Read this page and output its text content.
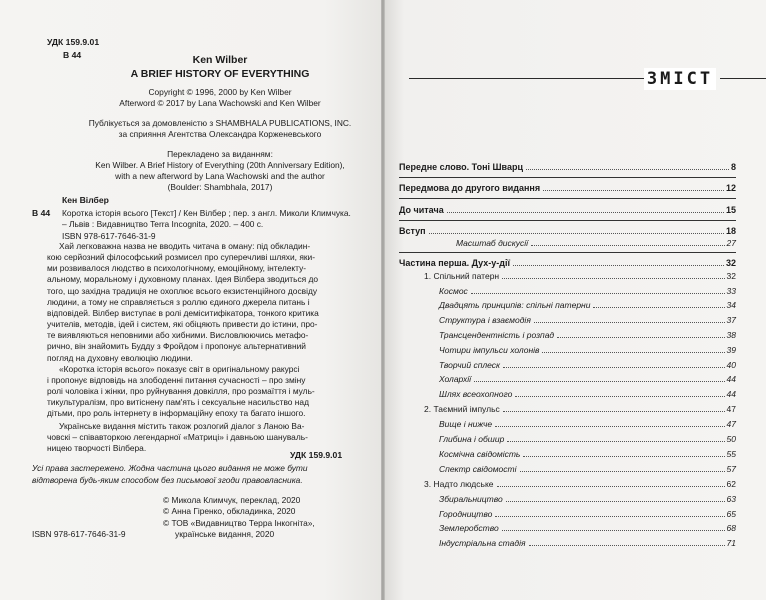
УДК 159.9.01
В 44	Ken Wilber
A BRIEF HISTORY OF EVERYTHING
Copyright © 1996, 2000 by Ken Wilber
Afterword © 2017 by Lana Wachowski and Ken Wilber
Публікується за домовленістю з SHAMBHALA PUBLICATIONS, INC.
за сприяння Агентства Олександра Корженевського
Перекладено за виданням:
Ken Wilber. A Brief History of Everything (20th Anniversary Edition),
with a new afterword by Lana Wachowski and the author
(Boulder: Shambhala, 2017)
Кен Вілбер
В 44 Коротка історія всього [Текст] / Кен Вілбер ; пер. з англ. Миколи Климчука. – Львів : Видавництво Terra Incognita, 2020. – 400 с.
ISBN 978-617-7646-31-9
Хай легковажна назва не вводить читача в оману: під обкладин-
кою серйозний філософський розмисел про суперечливі шляхи, яки-
ми розвивалося людство в психологічному, емоційному, інтелекту-
альному, моральному і духовному планах. Ідея Вілбера зводиться до
того, що західна традиція не охоплює всього екзистенційного досвіду
людини, а тому не справляється з роллю єдиного джерела питань і
відповідей. Вілбер виступає в ролі деміситифікатора, тонкого критика
учителів, методів, ідей і систем, які обіцяють привести до істини, про-
те виявляються неповними або хибними. Висловлюючись метафо-
рично, він знайомить Будду з Фройдом і пропонує альтернативний
погляд на духовну еволюцію людини.
«Коротка історія всього» показує світ в оригінальному ракурсі
і пропонує відповідь на злободенні питання сучасності – про зміну
ролі чоловіка і жінки, про руйнування довкілля, про розмаїття і муль-
тикультуралізм, про витіснену пам'ять і сексуальне насильство над
дітьми, про роль інтернету в інформаційну епоху та багато іншого.
Українське видання містить також розлогий діалог з Ланою Ва-
човскі – співавторкою легендарної «Матриці» і давньою шануваль-
ницею творчості Вілбера.
УДК 159.9.01
Усі права застережено. Жодна частина цього видання не може бути
відтворена будь-яким способом без письмової згоди правовласника.
© Микола Климчук, переклад, 2020
© Анна Гіренко, обкладинка, 2020
© ТОВ «Видавництво Терра Інкогніта»,
українське видання, 2020
ISBN 978-617-7646-31-9
ЗМІСТ
Передне слово. Тоні Шварц	8
Передмова до другого видання	12
До читача	15
Вступ	18
Масштаб дискусії	27
Частина перша. Дух-у-дії	32
1. Спільний патерн	32
Космос	33
Двадцять принципів: спільні патерни	34
Структура і взаємодія	37
Трансцендентність і розпад	38
Чотири імпульси холонів	39
Творчий сплеск	40
Холархії	44
Шлях всеохопного	44
2. Таємний імпульс	47
Вище і нижче	47
Глибина і обшир	50
Космічна свідомість	55
Спектр свідомості	57
3. Надто людське	62
Збиральництво	63
Городництво	65
Землеробство	68
Індустріальна стадія	71
